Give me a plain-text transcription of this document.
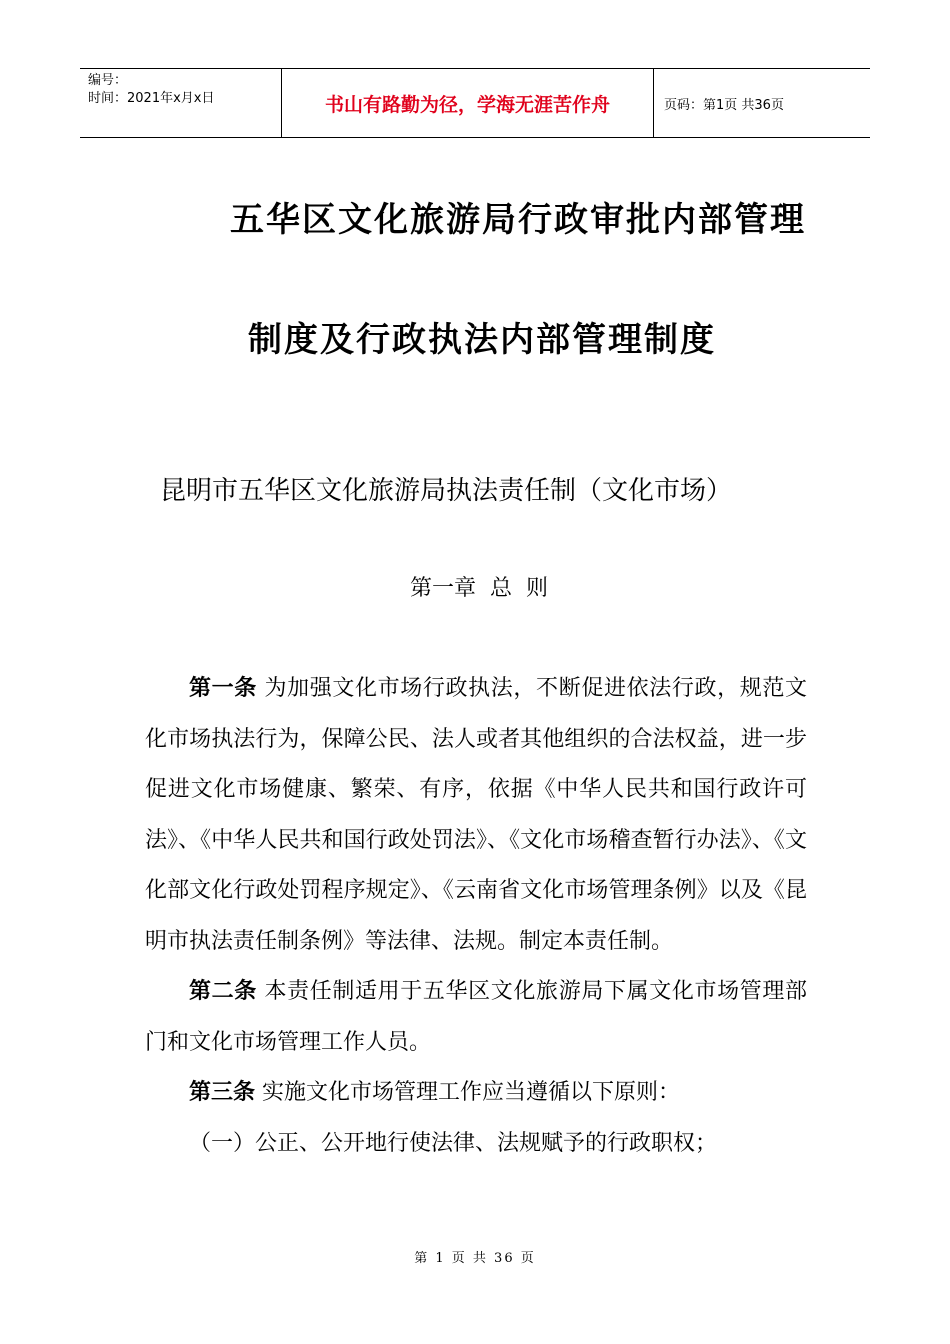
编号：
时间：2021年x月x日	书山有路勤为径，学海无涯苦作舟	页码：第1页 共36页
五华区文化旅游局行政审批内部管理
制度及行政执法内部管理制度
昆明市五华区文化旅游局执法责任制（文化市场）
第一章  总  则

第一条 为加强文化市场行政执法，不断促进依法行政，规范文化市场执法行为，保障公民、法人或者其他组织的合法权益，进一步促进文化市场健康、繁荣、有序，依据《中华人民共和国行政许可法》、《中华人民共和国行政处罚法》、《文化市场稽查暂行办法》、《文化部文化行政处罚程序规定》、《云南省文化市场管理条例》以及《昆明市执法责任制条例》等法律、法规。制定本责任制。

第二条 本责任制适用于五华区文化旅游局下属文化市场管理部门和文化市场管理工作人员。

第三条 实施文化市场管理工作应当遵循以下原则：

（一）公正、公开地行使法律、法规赋予的行政职权；

第 1 页 共 36 页
